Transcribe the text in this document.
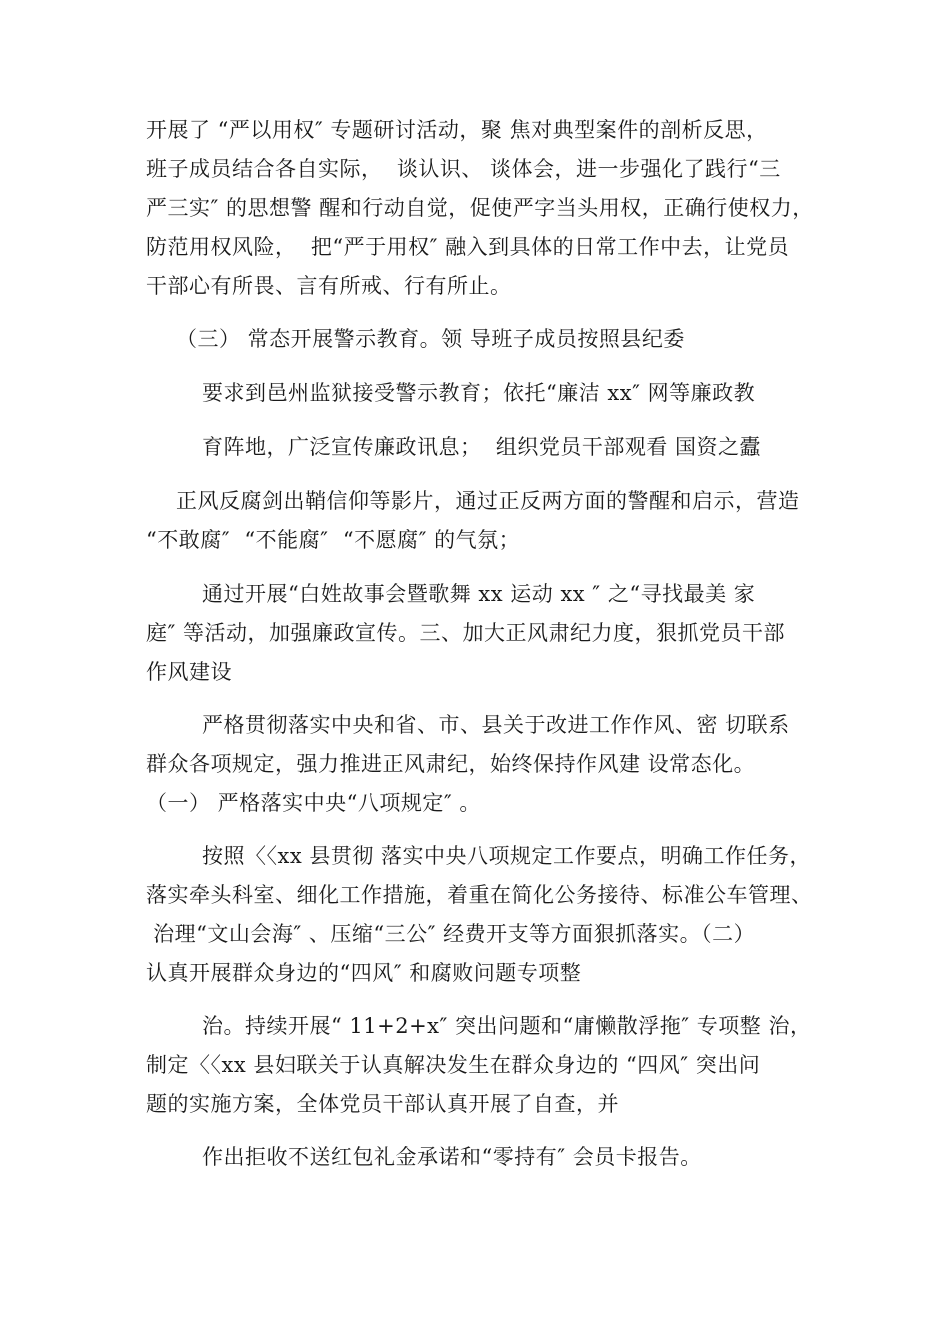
开展了 “严以用权″ 专题研讨活动，聚 焦对典型案件的剖析反思，
班子成员结合各自实际，  谈认识、 谈体会，进一步强化了践行“三
严三实″ 的思想警 醒和行动自觉，促使严字当头用权，正确行使权力，
防范用权风险，  把“严于用权″ 融入到具体的日常工作中去，让党员
干部心有所畏、言有所戒、行有所止。
（三） 常态开展警示教育。领 导班子成员按照县纪委
要求到邑州监狱接受警示教育；依托“廉洁 xx″ 网等廉政教
育阵地，广泛宣传廉政讯息；  组织党员干部观看 国资之蠹
正风反腐剑出鞘信仰等影片，通过正反两方面的警醒和启示，营造
“不敢腐″  “不能腐″  “不愿腐″ 的气氛；
通过开展“白姓故事会暨歌舞 xx 运动 xx ″ 之“寻找最美 家
庭″ 等活动，加强廉政宣传。三、加大正风肃纪力度，狠抓党员干部
作风建设
严格贯彻落实中央和省、市、县关于改进工作作风、密 切联系
群众各项规定，强力推进正风肃纪，始终保持作风建 设常态化。
（一） 严格落实中央“八项规定″ 。
按照〈〈xx 县贯彻 落实中央八项规定工作要点，明确工作任务，
落实牵头科室、细化工作措施，着重在简化公务接待、标准公车管理、
治理“文山会海″ 、压缩“三公″ 经费开支等方面狠抓落实。（二）
认真开展群众身边的“四风″ 和腐败问题专项整
治。持续开展“ 11+2+x″ 突出问题和“庸懒散浮拖″ 专项整 治，
制定〈〈xx 县妇联关于认真解决发生在群众身边的 “四风″ 突出问
题的实施方案，全体党员干部认真开展了自查，并
作出拒收不送红包礼金承诺和“零持有″ 会员卡报告。
